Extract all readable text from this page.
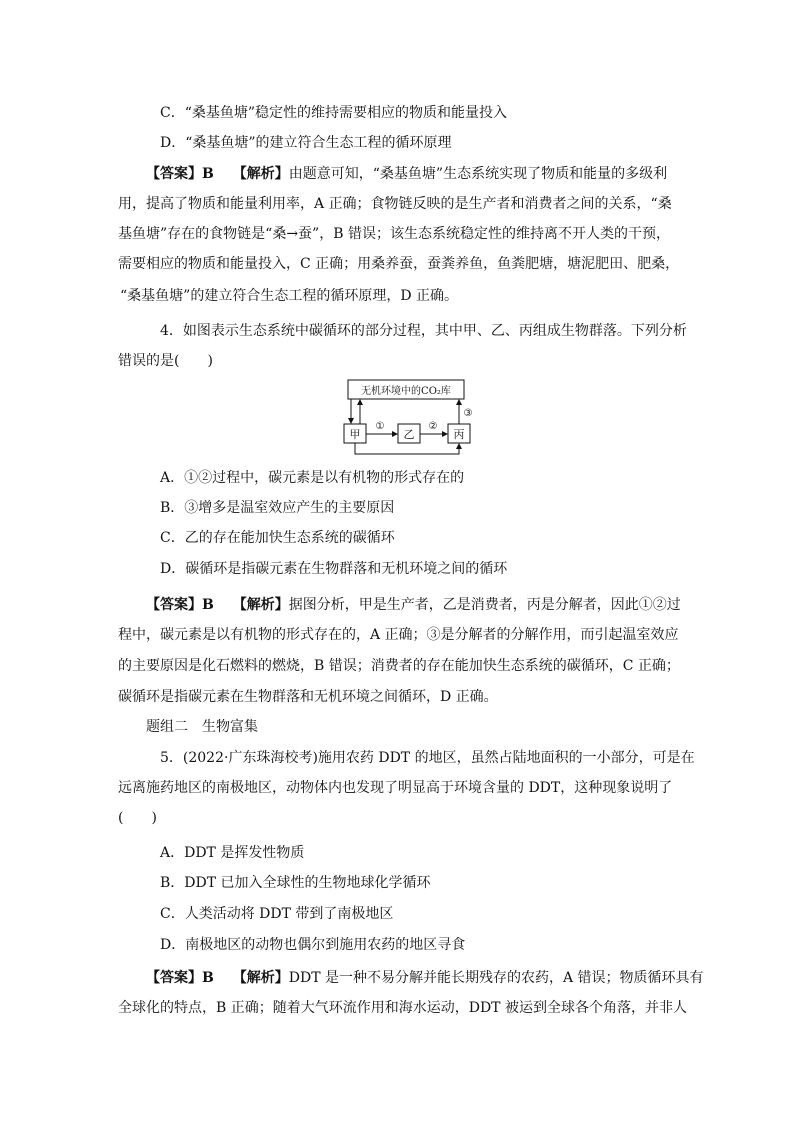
C．“桑基鱼塘”稳定性的维持需要相应的物质和能量投入
D．“桑基鱼塘”的建立符合生态工程的循环原理
【答案】B 【解析】由题意可知，“桑基鱼塘”生态系统实现了物质和能量的多级利
用，提高了物质和能量利用率，A 正确；食物链反映的是生产者和消费者之间的关系，“桑
基鱼塘”存在的食物链是“桑→蚕”，B 错误；该生态系统稳定性的维持离不开人类的干预，
需要相应的物质和能量投入，C 正确；用桑养蚕，蚕粪养鱼，鱼粪肥塘，塘泥肥田、肥桑，
“桑基鱼塘”的建立符合生态工程的循环原理，D 正确。
4．如图表示生态系统中碳循环的部分过程，其中甲、乙、丙组成生物群落。下列分析
错误的是(　　)
无机环境中的CO₂库
甲	乙	丙
①	②
③
A．①②过程中，碳元素是以有机物的形式存在的
B．③增多是温室效应产生的主要原因
C．乙的存在能加快生态系统的碳循环
D．碳循环是指碳元素在生物群落和无机环境之间的循环
【答案】B 【解析】据图分析，甲是生产者，乙是消费者，丙是分解者，因此①②过
程中，碳元素是以有机物的形式存在的，A 正确；③是分解者的分解作用，而引起温室效应
的主要原因是化石燃料的燃烧，B 错误；消费者的存在能加快生态系统的碳循环，C 正确；
碳循环是指碳元素在生物群落和无机环境之间循环，D 正确。
题组二　生物富集
5．(2022·广东珠海校考)施用农药 DDT 的地区，虽然占陆地面积的一小部分，可是在
远离施药地区的南极地区，动物体内也发现了明显高于环境含量的 DDT，这种现象说明了
(　　)
A．DDT 是挥发性物质
B．DDT 已加入全球性的生物地球化学循环
C．人类活动将 DDT 带到了南极地区
D．南极地区的动物也偶尔到施用农药的地区寻食
【答案】B 【解析】DDT 是一种不易分解并能长期残存的农药，A 错误；物质循环具有
全球化的特点，B 正确；随着大气环流作用和海水运动，DDT 被运到全球各个角落，并非人
